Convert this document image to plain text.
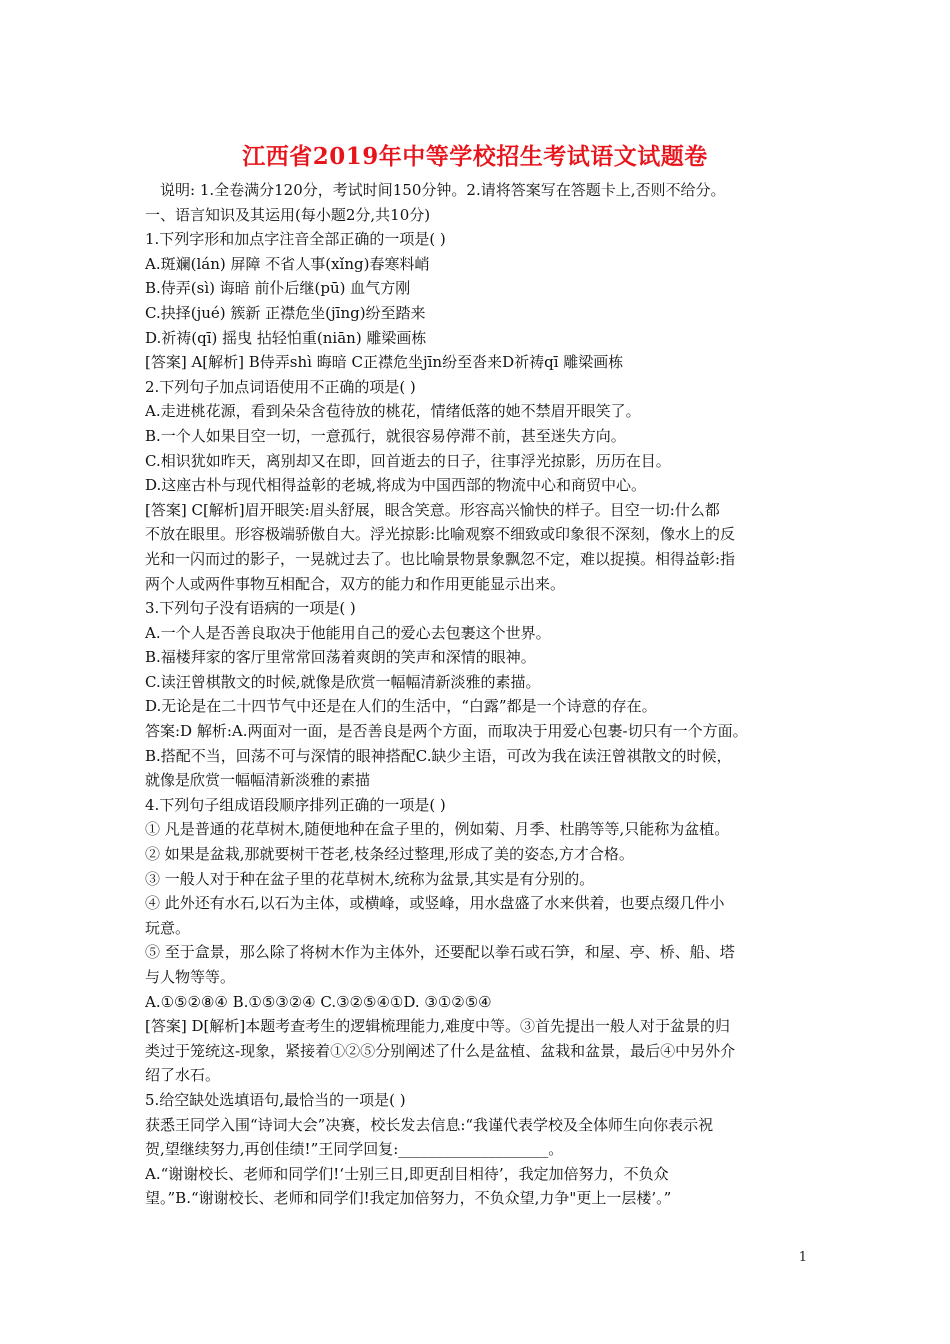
江西省2019年中等学校招生考试语文试题卷
说明: 1.全卷满分120分，考试时间150分钟。2.请将答案写在答题卡上,否则不给分。
一、语言知识及其运用(每小题2分,共10分)
1.下列字形和加点字注音全部正确的一项是( )
A.斑斓(lán) 屏障 不省人事(xǐng)春寒料峭
B.侍弄(sì) 诲暗 前仆后继(pū) 血气方刚
C.抉择(jué) 簇新 正襟危坐(jīng)纷至踏来
D.祈祷(qī) 摇曳 拈轻怕重(niān) 雕梁画栋
[答案] A[解析] B侍弄shì 晦暗 C正襟危坐jīn纷至沓来D祈祷qī 雕梁画栋
2.下列句子加点词语使用不正确的项是( )
A.走进桃花源，看到朵朵含苞待放的桃花，情绪低落的她不禁眉开眼笑了。
B.一个人如果目空一切，一意孤行，就很容易停滞不前，甚至迷失方向。
C.相识犹如昨天，离别却又在即，回首逝去的日子，往事浮光掠影，历历在目。
D.这座古朴与现代相得益彰的老城,将成为中国西部的物流中心和商贸中心。
[答案] C[解析]眉开眼笑:眉头舒展，眼含笑意。形容高兴愉快的样子。目空一切:什么都
不放在眼里。形容极端骄傲自大。浮光掠影:比喻观察不细致或印象很不深刻，像水上的反
光和一闪而过的影子，一晃就过去了。也比喻景物景象飘忽不定，难以捉摸。相得益彰:指
两个人或两件事物互相配合，双方的能力和作用更能显示出来。
3.下列句子没有语病的一项是( )
A.一个人是否善良取决于他能用自己的爱心去包裹这个世界。
B.福楼拜家的客厅里常常回荡着爽朗的笑声和深情的眼神。
C.读汪曾棋散文的时候,就像是欣赏一幅幅清新淡雅的素描。
D.无论是在二十四节气中还是在人们的生活中，“白露”都是一个诗意的存在。
答案:D 解析:A.两面对一面，是否善良是两个方面，而取决于用爱心包裹-切只有一个方面。
B.搭配不当，回荡不可与深情的眼神搭配C.缺少主语，可改为我在读汪曾祺散文的时候，
就像是欣赏一幅幅清新淡雅的素描
4.下列句子组成语段顺序排列正确的一项是( )
① 凡是普通的花草树木,随便地种在盒子里的，例如菊、月季、杜鹃等等,只能称为盆植。
② 如果是盆栽,那就要树干苍老,枝条经过整理,形成了美的姿态,方才合格。
③ 一般人对于种在盆子里的花草树木,统称为盆景,其实是有分别的。
④ 此外还有水石,以石为主体，或横峰，或竖峰，用水盘盛了水来供着，也要点缀几件小
玩意。
⑤ 至于盒景，那么除了将树木作为主体外，还要配以拳石或石笋，和屋、亭、桥、船、塔
与人物等等。
A.①⑤②⑧④ B.①⑤③②④ C.③②⑤④①D. ③①②⑤④
[答案] D[解析]本题考查考生的逻辑梳理能力,难度中等。③首先提出一般人对于盆景的归
类过于笼统这-现象，紧接着①②⑤分别阐述了什么是盆植、盆栽和盆景，最后④中另外介
绍了水石。
5.给空缺处选填语句,最恰当的一项是( )
获悉王同学入围“诗词大会”决赛，校长发去信息:“我谨代表学校及全体师生向你表示祝
贺,望继续努力,再创佳绩!”王同学回复:____________________。
A.“谢谢校长、老师和同学们!‘士别三日,即更刮目相待’，我定加倍努力，不负众
望。”B.“谢谢校长、老师和同学们!我定加倍努力，不负众望,力争"更上一层楼’。”
1
